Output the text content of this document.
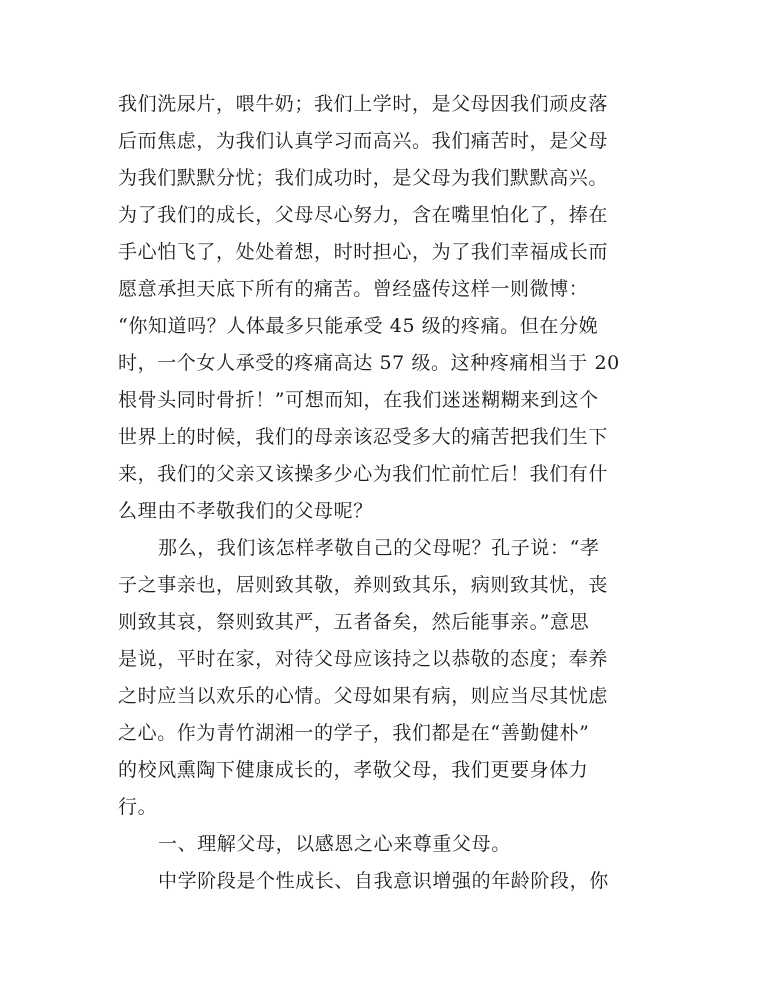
我们洗尿片，喂牛奶；我们上学时，是父母因我们顽皮落
后而焦虑，为我们认真学习而高兴。我们痛苦时，是父母
为我们默默分忧；我们成功时，是父母为我们默默高兴。
为了我们的成长，父母尽心努力，含在嘴里怕化了，捧在
手心怕飞了，处处着想，时时担心，为了我们幸福成长而
愿意承担天底下所有的痛苦。曾经盛传这样一则微博：
“你知道吗？人体最多只能承受 45 级的疼痛。但在分娩
时，一个女人承受的疼痛高达 57 级。这种疼痛相当于 20
根骨头同时骨折！”可想而知，在我们迷迷糊糊来到这个
世界上的时候，我们的母亲该忍受多大的痛苦把我们生下
来，我们的父亲又该操多少心为我们忙前忙后！我们有什
么理由不孝敬我们的父母呢？
那么，我们该怎样孝敬自己的父母呢？孔子说：“孝
子之事亲也，居则致其敬，养则致其乐，病则致其忧，丧
则致其哀，祭则致其严，五者备矣，然后能事亲。”意思
是说，平时在家，对待父母应该持之以恭敬的态度；奉养
之时应当以欢乐的心情。父母如果有病，则应当尽其忧虑
之心。作为青竹湖湘一的学子，我们都是在“善勤健朴”
的校风熏陶下健康成长的，孝敬父母，我们更要身体力
行。
一、理解父母，以感恩之心来尊重父母。
中学阶段是个性成长、自我意识增强的年龄阶段，你
